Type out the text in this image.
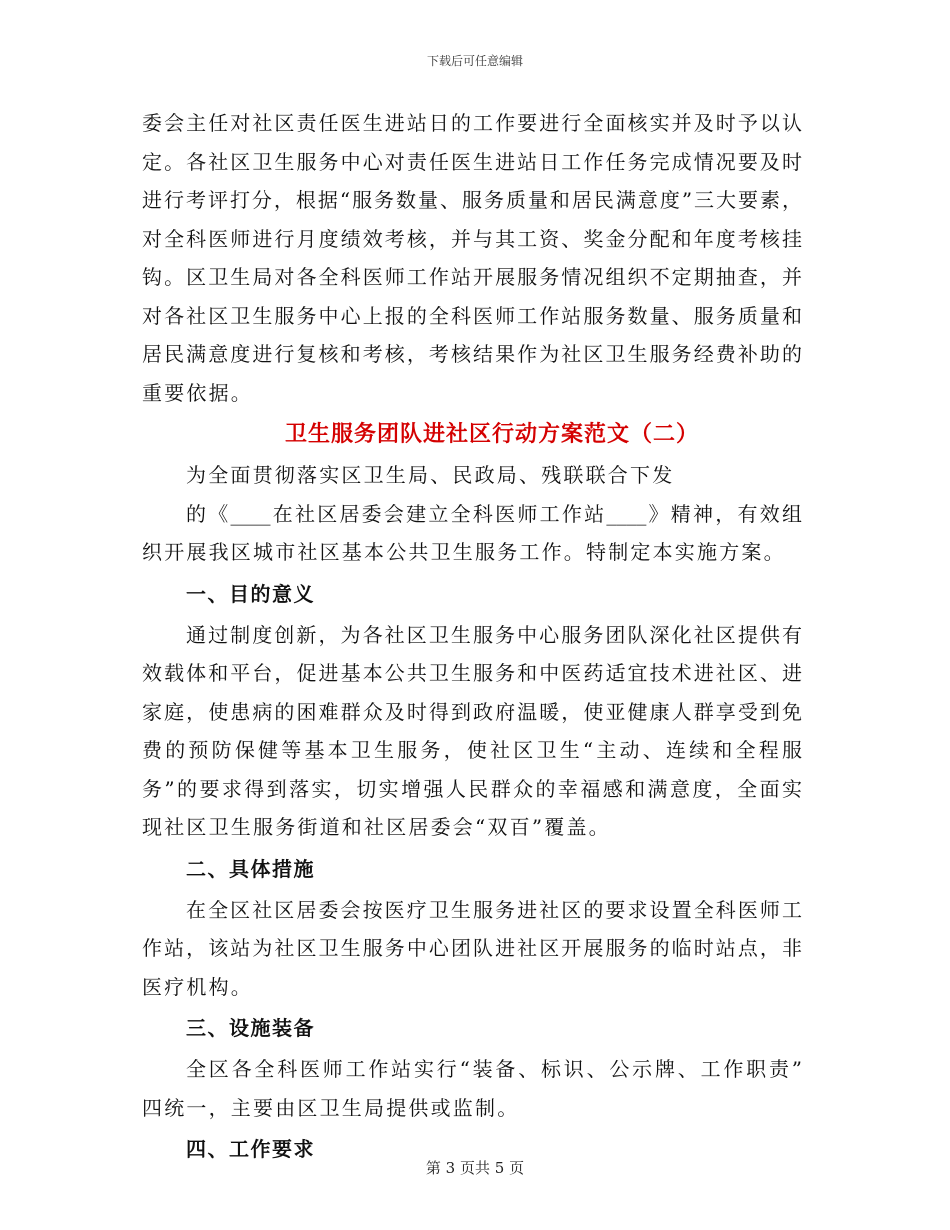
下载后可任意编辑
委会主任对社区责任医生进站日的工作要进行全面核实并及时予以认
定。各社区卫生服务中心对责任医生进站日工作任务完成情况要及时
进行考评打分，根据“服务数量、服务质量和居民满意度”三大要素，
对全科医师进行月度绩效考核，并与其工资、奖金分配和年度考核挂
钩。区卫生局对各全科医师工作站开展服务情况组织不定期抽查，并
对各社区卫生服务中心上报的全科医师工作站服务数量、服务质量和
居民满意度进行复核和考核，考核结果作为社区卫生服务经费补助的
重要依据。
卫生服务团队进社区行动方案范文（二）
为全面贯彻落实区卫生局、民政局、残联联合下发
的《____在社区居委会建立全科医师工作站____》精神，有效组
织开展我区城市社区基本公共卫生服务工作。特制定本实施方案。
一、目的意义
通过制度创新，为各社区卫生服务中心服务团队深化社区提供有
效载体和平台，促进基本公共卫生服务和中医药适宜技术进社区、进
家庭，使患病的困难群众及时得到政府温暖，使亚健康人群享受到免
费的预防保健等基本卫生服务，使社区卫生“主动、连续和全程服
务”的要求得到落实，切实增强人民群众的幸福感和满意度，全面实
现社区卫生服务街道和社区居委会“双百”覆盖。
二、具体措施
在全区社区居委会按医疗卫生服务进社区的要求设置全科医师工
作站，该站为社区卫生服务中心团队进社区开展服务的临时站点，非
医疗机构。
三、设施装备
全区各全科医师工作站实行“装备、标识、公示牌、工作职责”
四统一，主要由区卫生局提供或监制。
四、工作要求
第 3 页共 5 页
